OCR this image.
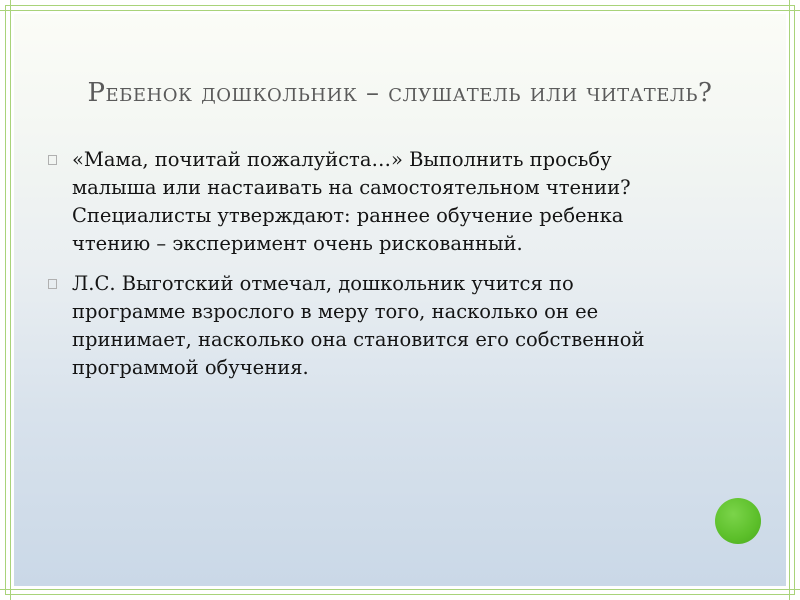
Ребенок дошкольник – слушатель или читатель?
«Мама, почитай пожалуйста…» Выполнить просьбу малыша или настаивать на самостоятельном чтении? Специалисты утверждают: раннее обучение ребенка чтению – эксперимент очень рискованный.
Л.С. Выготский отмечал, дошкольник учится по программе взрослого в меру того, насколько он ее принимает, насколько она становится его собственной программой обучения.
